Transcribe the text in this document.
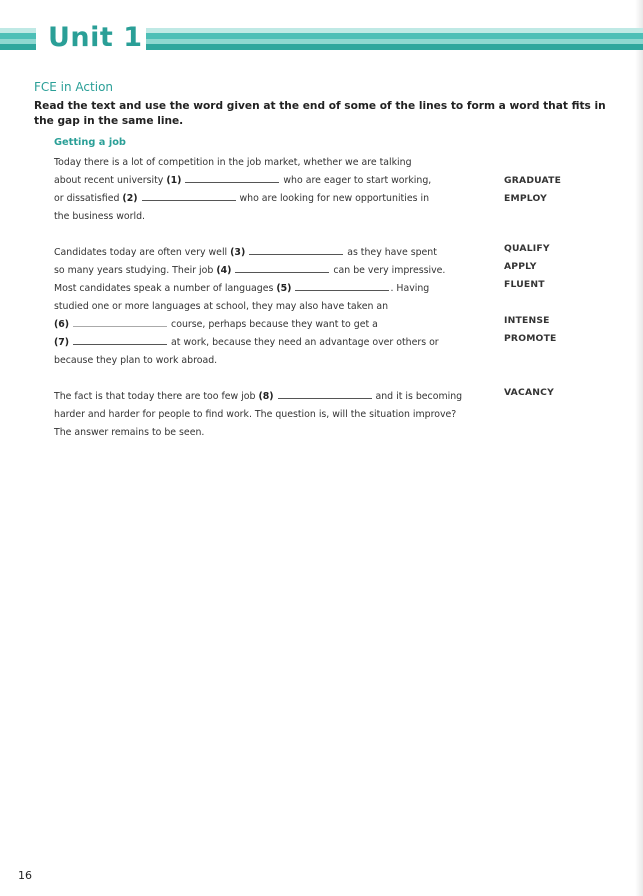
Unit 1
FCE in Action
Read the text and use the word given at the end of some of the lines to form a word that fits in the gap in the same line.
Getting a job
Today there is a lot of competition in the job market, whether we are talking
about recent university (1)	who are eager to start working,	GRADUATE
or dissatisfied (2)	who are looking for new opportunities in	EMPLOY
the business world.
Candidates today are often very well (3)	as they have spent	QUALIFY
so many years studying. Their job (4)	can be very impressive.	APPLY
Most candidates speak a number of languages (5)	. Having	FLUENT
studied one or more languages at school, they may also have taken an
(6)	course, perhaps because they want to get a	INTENSE
(7)	at work, because they need an advantage over others or	PROMOTE
because they plan to work abroad.
The fact is that today there are too few job (8)	and it is becoming	VACANCY
harder and harder for people to find work. The question is, will the situation improve?
The answer remains to be seen.
16
